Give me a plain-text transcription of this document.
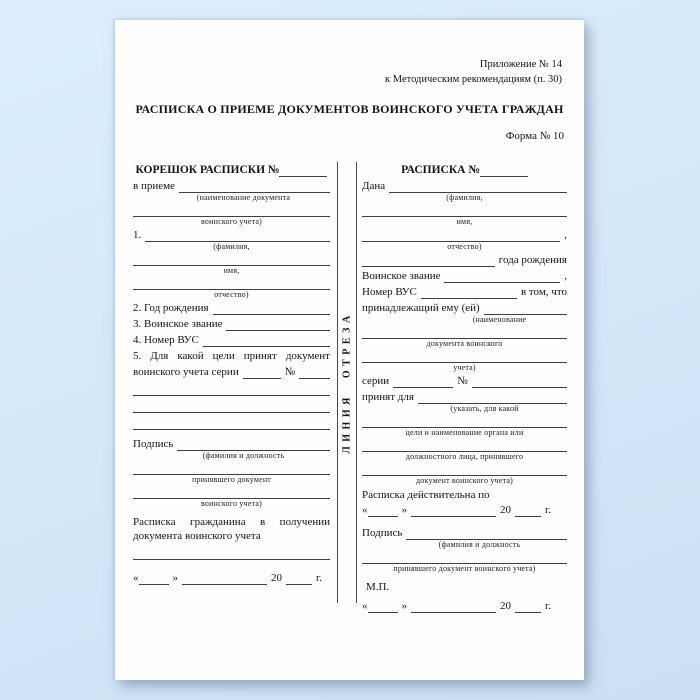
Приложение № 14
к Методическим рекомендациям (п. 30)
РАСПИСКА О ПРИЕМЕ ДОКУМЕНТОВ ВОИНСКОГО УЧЕТА ГРАЖДАН
Форма № 10
КОРЕШОК РАСПИСКИ №
в приеме
(наименование документа
воинского учета)
1.
(фамилия,
имя,
отчество)
2. Год рождения
3. Воинское звание
4. Номер ВУС
5. Для какой цели принят документ
воинского учета серии	№
Подпись
(фамилия и должность
принявшего документ
воинского учета)
Расписка гражданина в получении документа воинского учета
«	»	20	г.
ЛИНИЯ ОТРЕЗА
РАСПИСКА №
Дана
(фамилия,
имя,
,
отчество)
года рождения
Воинское звание	,
Номер ВУС	в том, что
принадлежащий ему (ей)
(наименование
документа воинского
учета)
серии	№
принят для
(указать, для какой
цели и наименование органа или
должностного лица, принявшего
документ воинского учета)
Расписка действительна по
«	»	20	г.
Подпись
(фамилия и должность
принявшего документ воинского учета)
М.П.
«	»	20	г.
